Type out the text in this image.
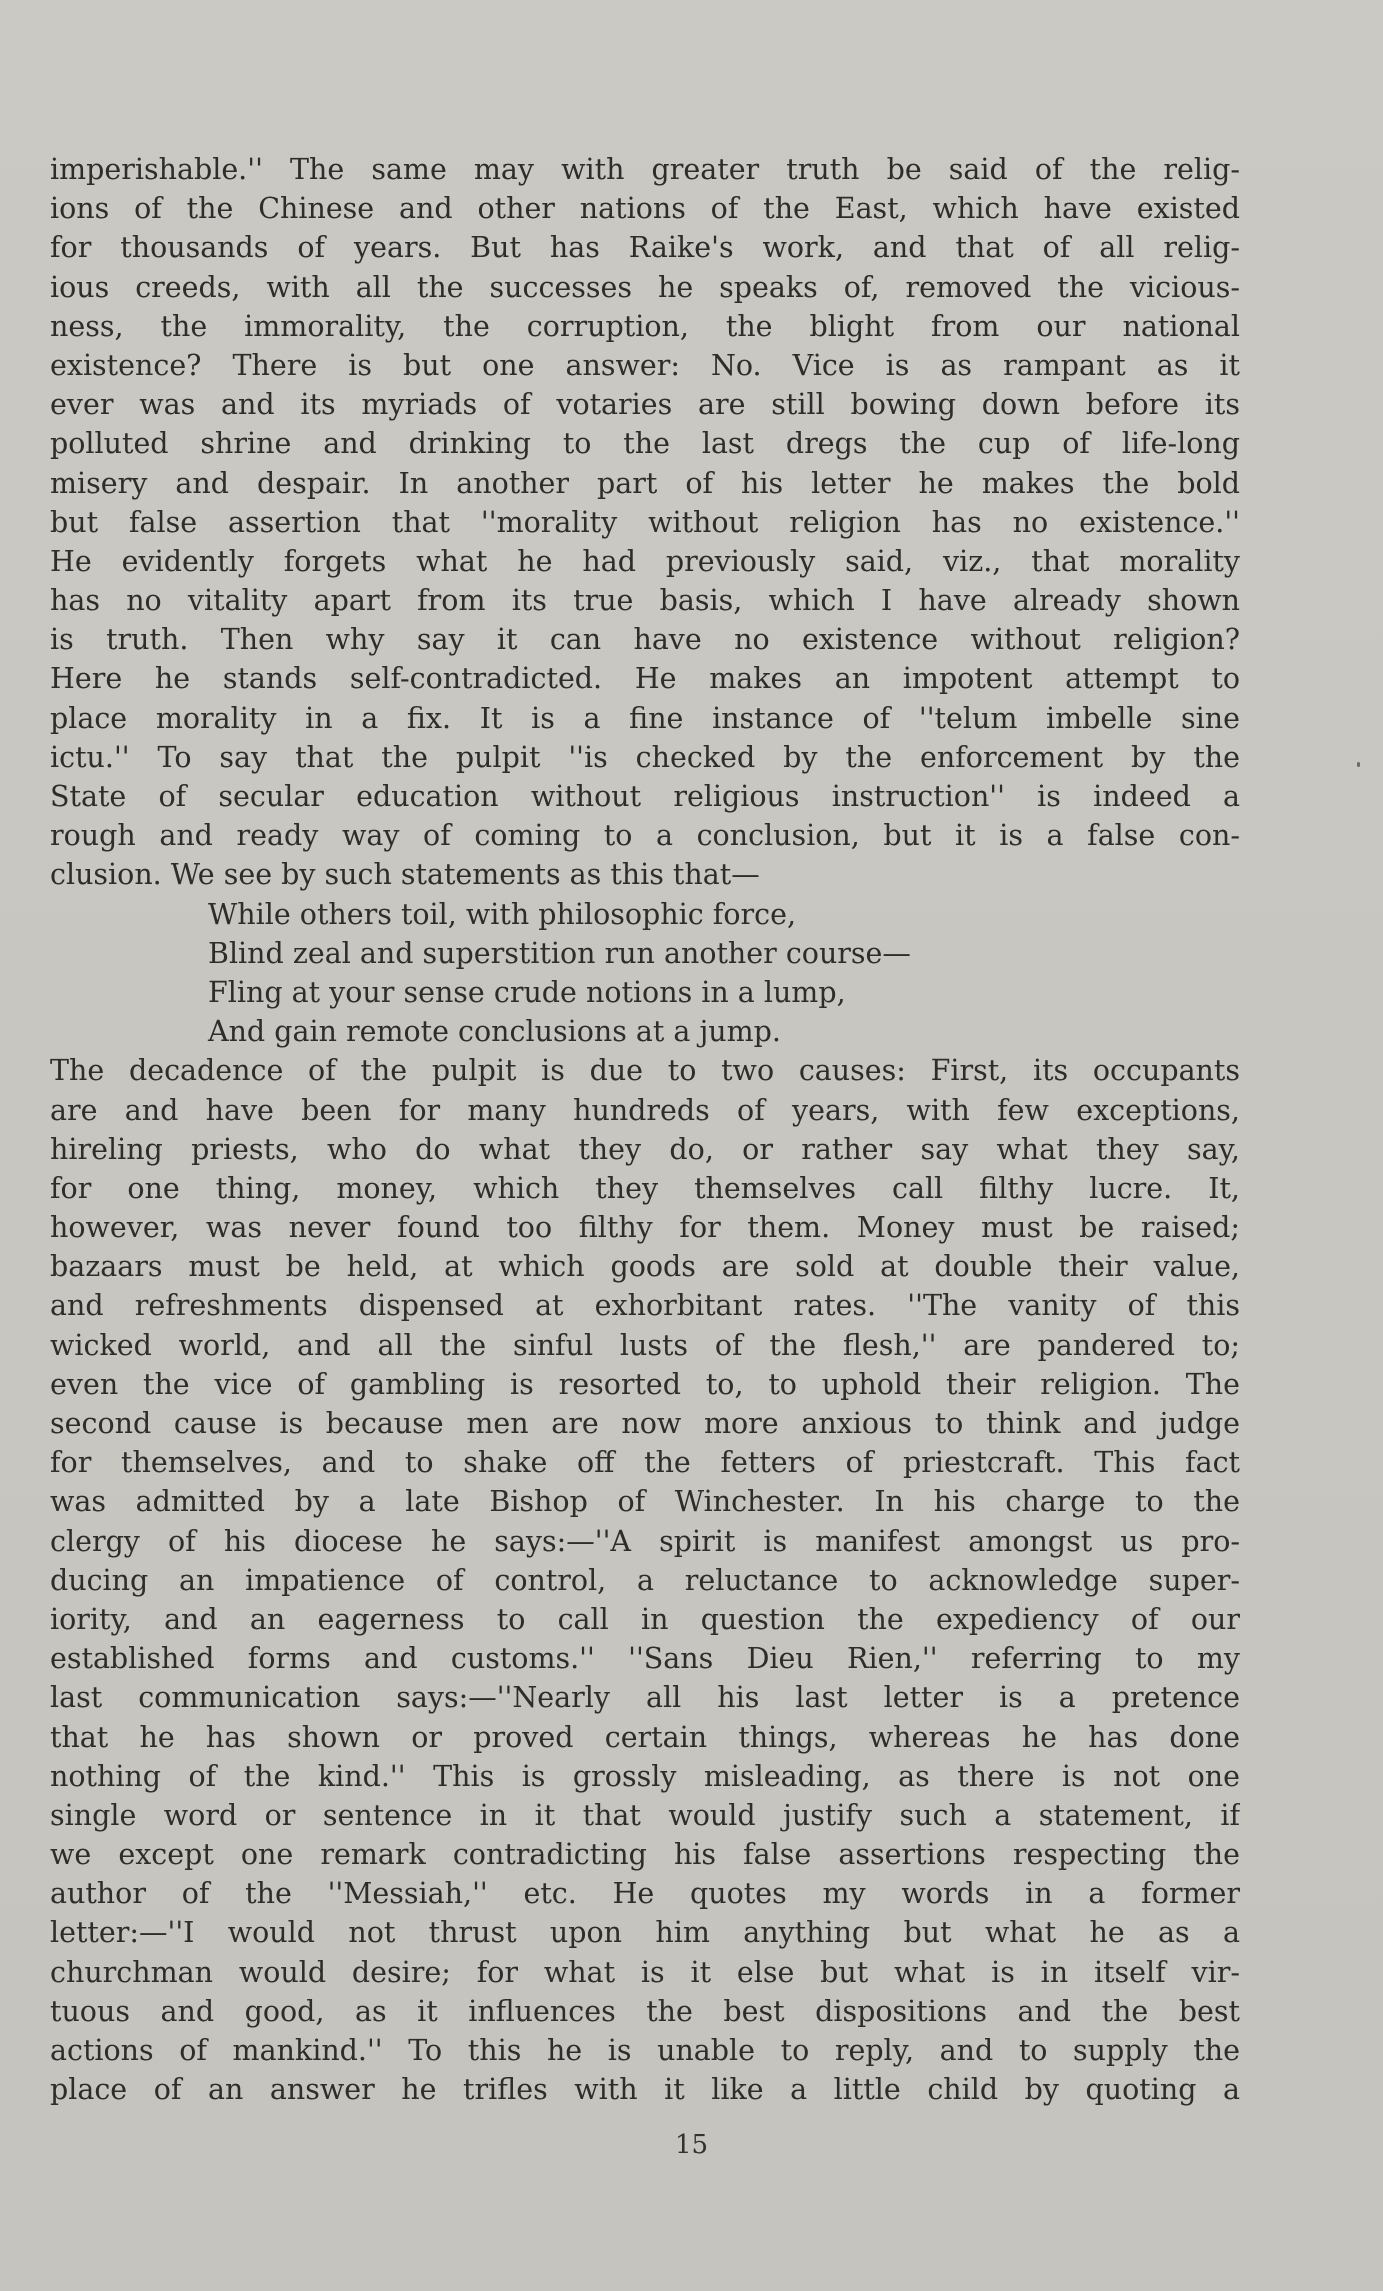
imperishable.'' The same may with greater truth be said of the relig-
ions of the Chinese and other nations of the East, which have existed
for thousands of years. But has Raike's work, and that of all relig-
ious creeds, with all the successes he speaks of, removed the vicious-
ness, the immorality, the corruption, the blight from our national
existence? There is but one answer: No. Vice is as rampant as it
ever was and its myriads of votaries are still bowing down before its
polluted shrine and drinking to the last dregs the cup of life-long
misery and despair. In another part of his letter he makes the bold
but false assertion that ''morality without religion has no existence.''
He evidently forgets what he had previously said, viz., that morality
has no vitality apart from its true basis, which I have already shown
is truth. Then why say it can have no existence without religion?
Here he stands self-contradicted. He makes an impotent attempt to
place morality in a fix. It is a fine instance of ''telum imbelle sine
ictu.'' To say that the pulpit ''is checked by the enforcement by the
State of secular education without religious instruction'' is indeed a
rough and ready way of coming to a conclusion, but it is a false con-
clusion. We see by such statements as this that—
While others toil, with philosophic force,
Blind zeal and superstition run another course—
Fling at your sense crude notions in a lump,
And gain remote conclusions at a jump.
The decadence of the pulpit is due to two causes: First, its occupants
are and have been for many hundreds of years, with few exceptions,
hireling priests, who do what they do, or rather say what they say,
for one thing, money, which they themselves call filthy lucre. It,
however, was never found too filthy for them. Money must be raised;
bazaars must be held, at which goods are sold at double their value,
and refreshments dispensed at exhorbitant rates. ''The vanity of this
wicked world, and all the sinful lusts of the flesh,'' are pandered to;
even the vice of gambling is resorted to, to uphold their religion. The
second cause is because men are now more anxious to think and judge
for themselves, and to shake off the fetters of priestcraft. This fact
was admitted by a late Bishop of Winchester. In his charge to the
clergy of his diocese he says:—''A spirit is manifest amongst us pro-
ducing an impatience of control, a reluctance to acknowledge super-
iority, and an eagerness to call in question the expediency of our
established forms and customs.'' ''Sans Dieu Rien,'' referring to my
last communication says:—''Nearly all his last letter is a pretence
that he has shown or proved certain things, whereas he has done
nothing of the kind.'' This is grossly misleading, as there is not one
single word or sentence in it that would justify such a statement, if
we except one remark contradicting his false assertions respecting the
author of the ''Messiah,'' etc. He quotes my words in a former
letter:—''I would not thrust upon him anything but what he as a
churchman would desire; for what is it else but what is in itself vir-
tuous and good, as it influences the best dispositions and the best
actions of mankind.'' To this he is unable to reply, and to supply the
place of an answer he trifles with it like a little child by quoting a
15
